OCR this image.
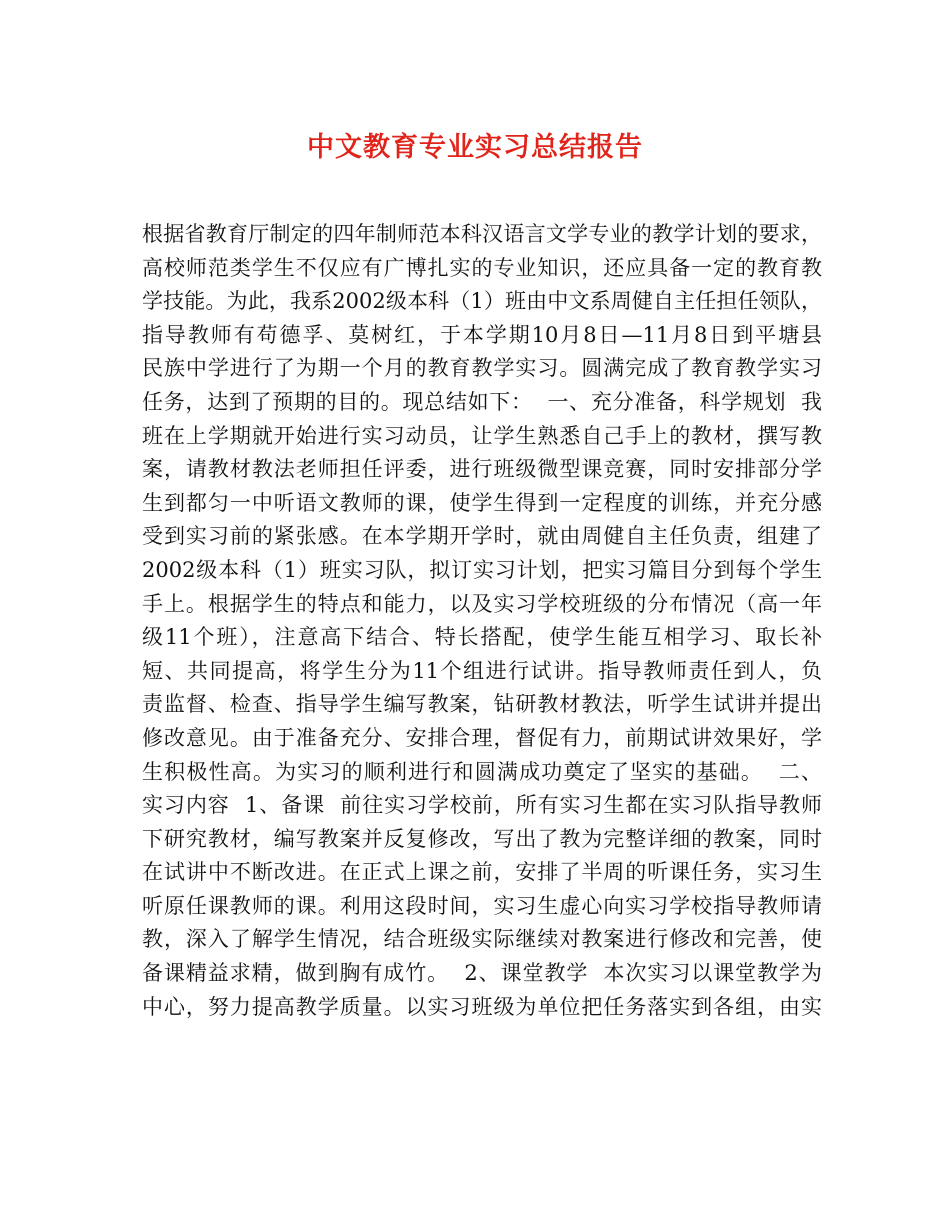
中文教育专业实习总结报告
根据省教育厅制定的四年制师范本科汉语言文学专业的教学计划的要求，
高校师范类学生不仅应有广博扎实的专业知识，还应具备一定的教育教
学技能。为此，我系2002级本科（1）班由中文系周健自主任担任领队，
指导教师有苟德孚、莫树红，于本学期10月8日—11月8日到平塘县
民族中学进行了为期一个月的教育教学实习。圆满完成了教育教学实习
任务，达到了预期的目的。现总结如下：  一、充分准备，科学规划  我
班在上学期就开始进行实习动员，让学生熟悉自己手上的教材，撰写教
案，请教材教法老师担任评委，进行班级微型课竞赛，同时安排部分学
生到都匀一中听语文教师的课，使学生得到一定程度的训练，并充分感
受到实习前的紧张感。在本学期开学时，就由周健自主任负责，组建了
2002级本科（1）班实习队，拟订实习计划，把实习篇目分到每个学生
手上。根据学生的特点和能力，以及实习学校班级的分布情况（高一年
级11个班），注意高下结合、特长搭配，使学生能互相学习、取长补
短、共同提高，将学生分为11个组进行试讲。指导教师责任到人，负
责监督、检查、指导学生编写教案，钻研教材教法，听学生试讲并提出
修改意见。由于准备充分、安排合理，督促有力，前期试讲效果好，学
生积极性高。为实习的顺利进行和圆满成功奠定了坚实的基础。  二、
实习内容  1、备课  前往实习学校前，所有实习生都在实习队指导教师
下研究教材，编写教案并反复修改，写出了教为完整详细的教案，同时
在试讲中不断改进。在正式上课之前，安排了半周的听课任务，实习生
听原任课教师的课。利用这段时间，实习生虚心向实习学校指导教师请
教，深入了解学生情况，结合班级实际继续对教案进行修改和完善，使
备课精益求精，做到胸有成竹。  2、课堂教学  本次实习以课堂教学为
中心，努力提高教学质量。以实习班级为单位把任务落实到各组，由实
